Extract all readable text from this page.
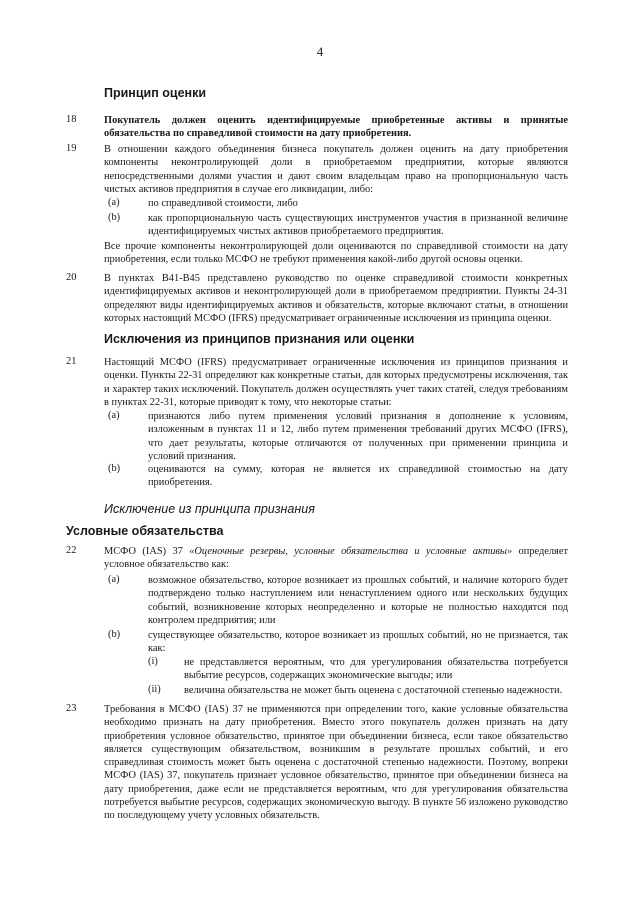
4
Принцип оценки
18	Покупатель должен оценить идентифицируемые приобретенные активы и принятые обязательства по справедливой стоимости на дату приобретения.
19	В отношении каждого объединения бизнеса покупатель должен оценить на дату приобретения компоненты неконтролирующей доли в приобретаемом предприятии, которые являются непосредственными долями участия и дают своим владельцам право на пропорциональную часть чистых активов предприятия в случае его ликвидации, либо:
(a)	по справедливой стоимости, либо
(b)	как пропорциональную часть существующих инструментов участия в признанной величине идентифицируемых чистых активов приобретаемого предприятия.
Все прочие компоненты неконтролирующей доли оцениваются по справедливой стоимости на дату приобретения, если только МСФО не требуют применения какой-либо другой основы оценки.
20	В пунктах B41-B45 представлено руководство по оценке справедливой стоимости конкретных идентифицируемых активов и неконтролирующей доли в приобретаемом предприятии. Пункты 24-31 определяют виды идентифицируемых активов и обязательств, которые включают статьи, в отношении которых настоящий МСФО (IFRS) предусматривает ограниченные исключения из принципа оценки.
Исключения из принципов признания или оценки
21	Настоящий МСФО (IFRS) предусматривает ограниченные исключения из принципов признания и оценки. Пункты 22-31 определяют как конкретные статьи, для которых предусмотрены исключения, так и характер таких исключений. Покупатель должен осуществлять учет таких статей, следуя требованиям в пунктах 22-31, которые приводят к тому, что некоторые статьи:
(a)	признаются либо путем применения условий признания в дополнение к условиям, изложенным в пунктах 11 и 12, либо путем применения требований других МСФО (IFRS), что дает результаты, которые отличаются от полученных при применении принципа и условий признания.
(b)	оцениваются на сумму, которая не является их справедливой стоимостью на дату приобретения.
Исключение из принципа признания
Условные обязательства
22	МСФО (IAS) 37 «Оценочные резервы, условные обязательства и условные активы» определяет условное обязательство как:
(a)	возможное обязательство, которое возникает из прошлых событий, и наличие которого будет подтверждено только наступлением или ненаступлением одного или нескольких будущих событий, возникновение которых неопределенно и которые не полностью находятся под контролем предприятия; или
(b)	существующее обязательство, которое возникает из прошлых событий, но не признается, так как:
(i)	не представляется вероятным, что для урегулирования обязательства потребуется выбытие ресурсов, содержащих экономические выгоды; или
(ii) величина обязательства не может быть оценена с достаточной степенью надежности.
23	Требования в МСФО (IAS) 37 не применяются при определении того, какие условные обязательства необходимо признать на дату приобретения. Вместо этого покупатель должен признать на дату приобретения условное обязательство, принятое при объединении бизнеса, если такое обязательство является существующим обязательством, возникшим в результате прошлых событий, и его справедливая стоимость может быть оценена с достаточной степенью надежности. Поэтому, вопреки МСФО (IAS) 37, покупатель признает условное обязательство, принятое при объединении бизнеса на дату приобретения, даже если не представляется вероятным, что для урегулирования обязательства потребуется выбытие ресурсов, содержащих экономическую выгоду. В пункте 56 изложено руководство по последующему учету условных обязательств.
